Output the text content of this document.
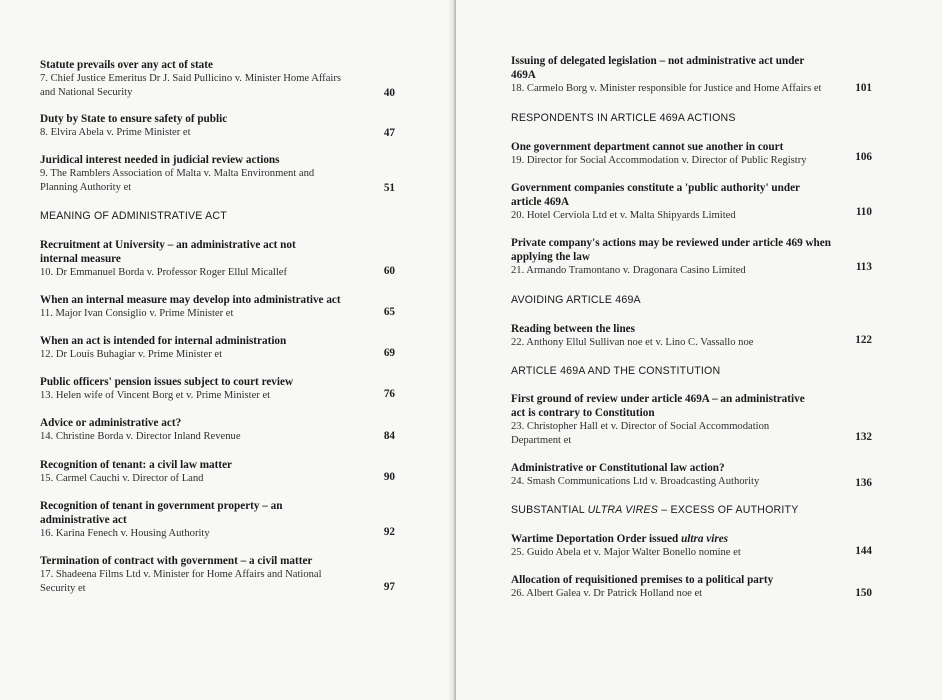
Statute prevails over any act of state
7. Chief Justice Emeritus Dr J. Said Pullicino v. Minister Home Affairs and National Security	40
Duty by State to ensure safety of public
8. Elvira Abela v. Prime Minister et	47
Juridical interest needed in judicial review actions
9. The Ramblers Association of Malta v. Malta Environment and Planning Authority et	51
MEANING OF ADMINISTRATIVE ACT
Recruitment at University – an administrative act not internal measure
10. Dr Emmanuel Borda v. Professor Roger Ellul Micallef	60
When an internal measure may develop into administrative act
11. Major Ivan Consiglio v. Prime Minister et	65
When an act is intended for internal administration
12. Dr Louis Buhagiar v. Prime Minister et	69
Public officers' pension issues subject to court review
13. Helen wife of Vincent Borg et v. Prime Minister et	76
Advice or administrative act?
14. Christine Borda v. Director Inland Revenue	84
Recognition of tenant: a civil law matter
15. Carmel Cauchi v. Director of Land	90
Recognition of tenant in government property – an administrative act
16. Karina Fenech v. Housing Authority	92
Termination of contract with government – a civil matter
17. Shadeena Films Ltd v. Minister for Home Affairs and National Security et	97
Issuing of delegated legislation – not administrative act under 469A
18. Carmelo Borg v. Minister responsible for Justice and Home Affairs et	101
RESPONDENTS IN ARTICLE 469A ACTIONS
One government department cannot sue another in court
19. Director for Social Accommodation v. Director of Public Registry	106
Government companies constitute a 'public authority' under article 469A
20. Hotel Cerviola Ltd et v. Malta Shipyards Limited	110
Private company's actions may be reviewed under article 469 when applying the law
21. Armando Tramontano v. Dragonara Casino Limited	113
AVOIDING ARTICLE 469A
Reading between the lines
22. Anthony Ellul Sullivan noe et v. Lino C. Vassallo noe	122
ARTICLE 469A AND THE CONSTITUTION
First ground of review under article 469A – an administrative act is contrary to Constitution
23. Christopher Hall et v. Director of Social Accommodation Department et	132
Administrative or Constitutional law action?
24. Smash Communications Ltd v. Broadcasting Authority	136
SUBSTANTIAL ULTRA VIRES – EXCESS OF AUTHORITY
Wartime Deportation Order issued ultra vires
25. Guido Abela et v. Major Walter Bonello nomine et	144
Allocation of requisitioned premises to a political party
26. Albert Galea v. Dr Patrick Holland noe et	150
